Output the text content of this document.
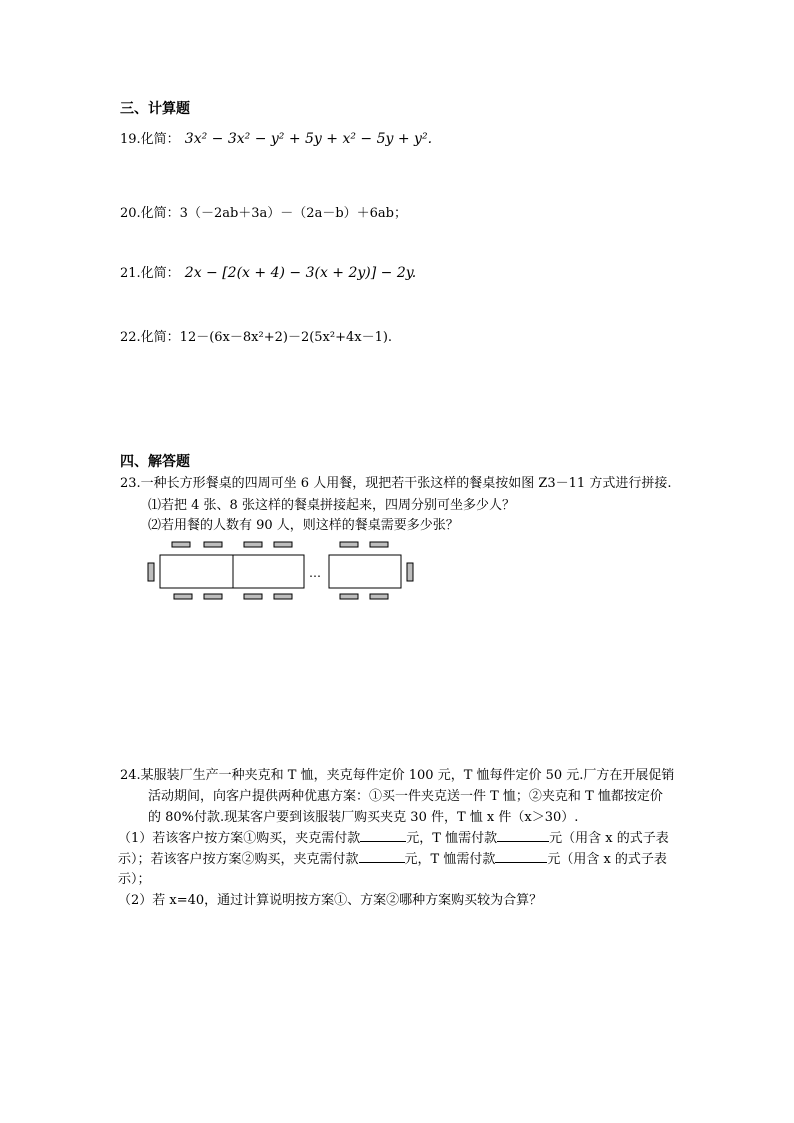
三、计算题
19.化简： 3x² − 3x² − y² + 5y + x² − 5y + y².
20.化简：3（－2ab＋3a）－（2a－b）＋6ab；
21.化简： 2x − [2(x + 4) − 3(x + 2y)] − 2y.
22.化简：12－(6x－8x²+2)－2(5x²+4x－1).
四、解答题
23.一种长方形餐桌的四周可坐 6 人用餐，现把若干张这样的餐桌按如图 Z3－11 方式进行拼接.
⑴若把 4 张、8 张这样的餐桌拼接起来，四周分别可坐多少人？
⑵若用餐的人数有 90 人，则这样的餐桌需要多少张？
…
24.某服装厂生产一种夹克和 T 恤，夹克每件定价 100 元，T 恤每件定价 50 元.厂方在开展促销
活动期间，向客户提供两种优惠方案：①买一件夹克送一件 T 恤；②夹克和 T 恤都按定价
的 80%付款.现某客户要到该服装厂购买夹克 30 件，T 恤 x 件（x＞30）.
（1）若该客户按方案①购买，夹克需付款	元，T 恤需付款	元（用含 x 的式子表
示）；若该客户按方案②购买，夹克需付款	元，T 恤需付款	元（用含 x 的式子表
示）；
（2）若 x=40，通过计算说明按方案①、方案②哪种方案购买较为合算？
